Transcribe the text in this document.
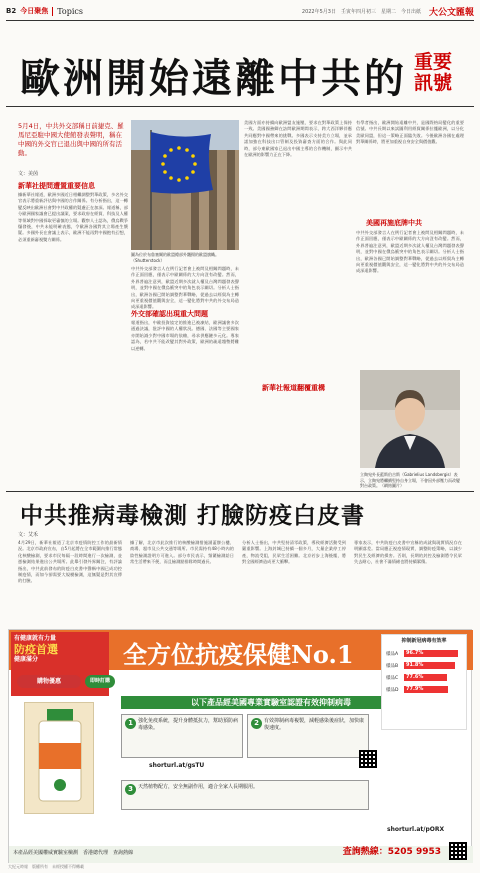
B2 今日聚焦 Topics	2022年5月3日　壬寅年四月初三　星期二　今日出紙 大公文匯報
歐洲開始遠離中共的 重要訊號
5月4日，中共外交部稱日前捷克、羅馬尼亞駐中國大使館發表聲明，稱在中國的外交官已退出與中國的所有活動。
文：美茵
新華社提問遭置重要信息
據新華社報道，歐洲多國近日相繼調整對華政策，多名外交官表示將重新評估與中國的合作關係。有分析指出，這一轉變反映出歐洲社會對中共政權的疑慮正在加深。報道稱，部分歐洲國家議會已提出議案，要求政府在經貿、科技及人權等領域對中國採取更審慎的立場。觀察人士認為，俄烏戰爭爆發後，中共未能明確表態，令歐洲各國對其立場產生懷疑。多國外長在會議上表示，歐洲不能再對中國抱有幻想，必須重新審視雙方關係。
圖為位於布魯塞爾的歐盟總部外飄揚的歐盟旗幟。（Shutterstock）
中共外交部發言人在例行記者會上被問及相關問題時，未作正面回應，僅表示中歐關係的大方向沒有改變。然而，外界普遍注意到，歐盟近期多次就人權及台灣問題發表聲明，並對中國在俄烏衝突中的角色表示關切。分析人士指出，歐洲各國已開始調整對華戰略，從過去以經貿為主轉向更重視價值觀與安全，這一變化將對中共的外交布局造成深遠影響。
外交部確認出現重大問題
報道指出，中歐投資協定的推進已被凍結，歐洲議會多次通過決議，批評中國的人權狀況。德國、法國等主要國家亦開始減少對中國市場的依賴，尋求供應鏈多元化。專家認為，若中共不能改變其對外政策，歐洲的疏遠趨勢將難以逆轉。
美國方面亦持續向歐洲盟友施壓，要求在對華政策上保持一致。美國國務卿在訪問歐洲期間表示，跨大西洋夥伴應共同應對中國帶來的挑戰。多國表示支持美方立場，並承諾加強在科技出口管制及投資審查方面的合作。與此同時，部分東歐國家已退出中國主導的合作機制，顯示中共在歐洲的影響力正在下降。
美國再施底牌中共
有學者指出，歐洲開始遠離中共，是國際格局變化的重要信號。中共長期以來試圖利用經貿關係拉攏歐洲，以分化美歐同盟，但這一策略正面臨失敗。今後歐洲各國在處理對華關係時，將更加重視自身安全與價值觀。
中共外交部發言人在例行記者會上被問及相關問題時，未作正面回應，僅表示中歐關係的大方向沒有改變。然而，外界普遍注意到，歐盟近期多次就人權及台灣問題發表聲明，並對中國在俄烏衝突中的角色表示關切。分析人士指出，歐洲各國已開始調整對華戰略，從過去以經貿為主轉向更重視價值觀與安全，這一變化將對中共的外交布局造成深遠影響。
新華社報道翻覆重構
立陶宛外長藍斯伯吉斯（Gabrielius Landsbergis）表示，立陶宛將繼續堅持自身立場，不會因外部壓力而改變對台政策。（網絡圖片）
中共推病毒檢測 打臉防疫白皮書
文：艾禾
4月29日，新華社報道了北京市疫情防控工作的最新情況。北京市政府宣布，自5月起將在全市範圍內推行常態化核酸檢測，要求市民每隔一段時間進行一次檢測，並憑檢測結果進出公共場所。此舉引發外界關注，有評論指出，中共此前發布的防疫白皮書中聲稱中國已成功控制疫情，而如今卻需要大規模檢測，這無疑是對其宣傳的打臉。
據了解，北京市此次推行的核酸檢測措施涵蓋辦公樓、商場、超市及公共交通等場所。市民需持有48小時內的陰性檢測證明方可進入。部分市民表示，頻繁檢測給日常生活帶來不便，而且檢測點排隊時間過長。
分析人士指出，中共堅持清零政策，導致經濟活動受到嚴重影響。上海封城已持續一個多月，大量企業停工停產，物流受阻，民眾生活困難。北京若步上海後塵，將對全國經濟造成更大衝擊。
專家表示，中共防疫白皮書中宣稱的成就與現實情況存在明顯落差。當局應正視疫情現實，調整防疫策略，以減少對民生及經濟的損害。否則，長期的封控及檢測將令民眾失去耐心，社會不滿情緒也將持續累積。
全方位抗疫保健No.1
有健康就有力量
防疫首選
健康滿分
購物優惠	即時訂購
以下產品經美國專業實驗室認證有效抑制病毒
1	強化免疫系統，提升身體抵抗力，幫助預防病毒感染。
2	有效抑制病毒複製，減輕感染後症狀，加快康復速度。
3	天然植物配方，安全無副作用，適合全家人長期服用。
shorturl.at/gsTU
shorturl.at/pORX
抑制新冠病毒有效率
樣品A	96.7%
樣品B	91.8%
樣品C	77.6%
樣品D	77.9%
本產品經美國權威實驗室檢測　香港總代理　查詢熱線	查詢熱線：5205 9953
大紀元時報　版權所有　未經授權不得轉載
